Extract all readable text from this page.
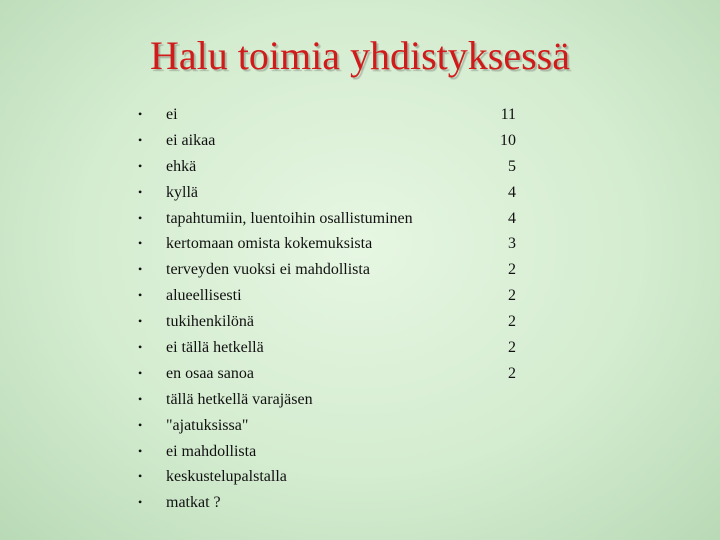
Halu toimia yhdistyksessä
• ei	11
• ei aikaa	10
• ehkä	5
• kyllä	4
• tapahtumiin, luentoihin osallistuminen	4
• kertomaan omista kokemuksista	3
• terveyden vuoksi ei mahdollista	2
• alueellisesti	2
• tukihenkilönä	2
• ei tällä hetkellä	2
• en osaa sanoa	2
• tällä hetkellä varajäsen
• "ajatuksissa"
• ei mahdollista
• keskustelupalstalla
• matkat ?
